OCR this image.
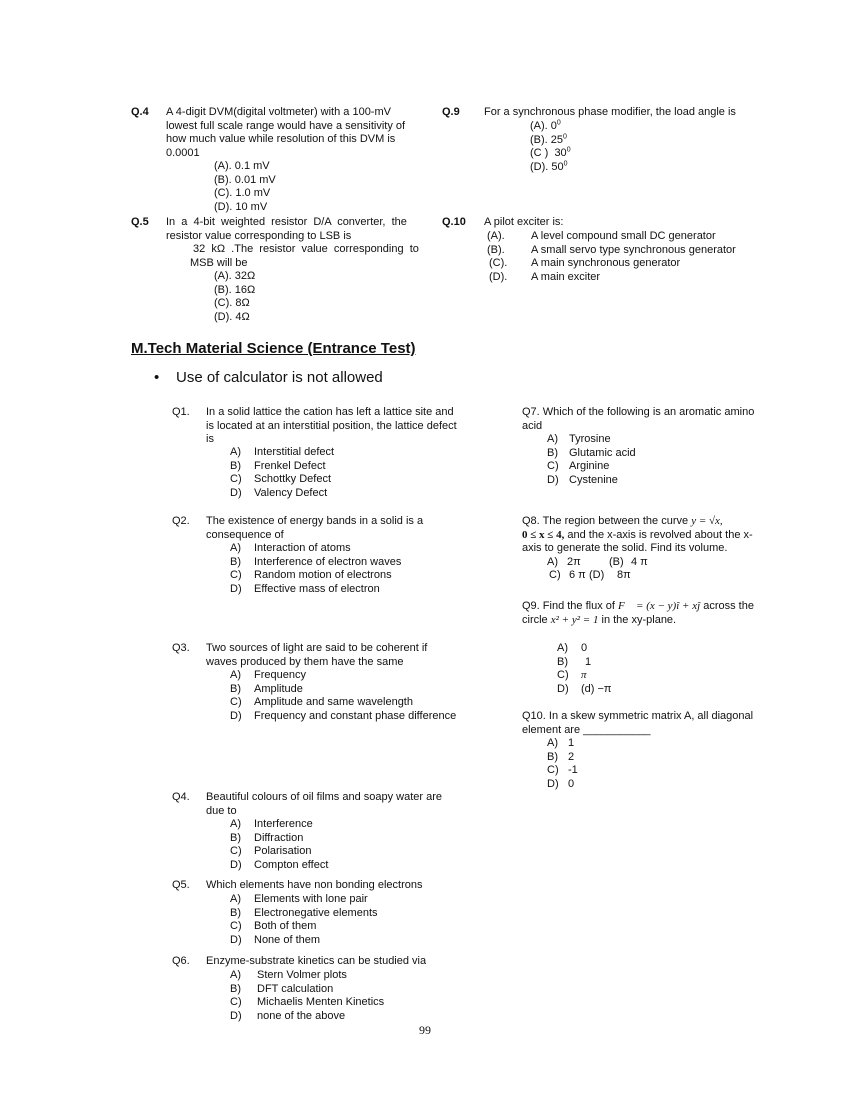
Q.4 A 4-digit DVM(digital voltmeter) with a 100-mV
lowest full scale range would have a sensitivity of
how much value while resolution of this DVM is
0.0001
(A). 0.1 mV
(B). 0.01 mV
(C). 1.0 mV
(D). 10 mV
Q.5 In  a  4-bit  weighted  resistor  D/A  converter,  the
resistor value corresponding to LSB is
32  kΩ  .The  resistor  value  corresponding  to
MSB will be
(A). 32Ω
(B). 16Ω
(C). 8Ω
(D). 4Ω
Q.9 For a synchronous phase modifier, the load angle is
(A). $0^0$
(B). $25^0$
(C )  $30^0$
(D). $50^0$
Q.10 A pilot exciter is:
(A). A level compound small DC generator
(B). A small servo type synchronous generator
(C). A main synchronous generator
(D). A main exciter
M.Tech Material Science (Entrance Test)
• Use of calculator is not allowed
Q1. In a solid lattice the cation has left a lattice site and
is located at an interstitial position, the lattice defect
is
A) Interstitial defect
B) Frenkel Defect
C) Schottky Defect
D) Valency Defect
Q2. The existence of energy bands in a solid is a
consequence of
A) Interaction of atoms
B) Interference of electron waves
C) Random motion of electrons
D) Effective mass of electron
Q3. Two sources of light are said to be coherent if
waves produced by them have the same
A) Frequency
B) Amplitude
C) Amplitude and same wavelength
D) Frequency and constant phase difference
Q4. Beautiful colours of oil films and soapy water are
due to
A) Interference
B) Diffraction
C) Polarisation
D) Compton effect
Q5. Which elements have non bonding electrons
A) Elements with lone pair
B) Electronegative elements
C) Both of them
D) None of them
Q6. Enzyme-substrate kinetics can be studied via
A) Stern Volmer plots
B) DFT calculation
C) Michaelis Menten Kinetics
D) none of the above
Q7. Which of the following is an aromatic amino
acid
A) Tyrosine
B) Glutamic acid
C) Arginine
D) Cystenine
Q8. The region between the curve y = √x,
0 ≤ x ≤ 4, and the x-axis is revolved about the x-
axis to generate the solid. Find its volume.
A) 2π	(B) 4 π
C) 6 π (D) 8π
Q9. Find the flux of F⃗ = (x − y)î + xĵ across the
circle x² + y² = 1 in the xy-plane.
A) 0
B) 1
C) π
D) (d) −π
Q10. In a skew symmetric matrix A, all diagonal
element are ___________
A) 1
B) 2
C) -1
D) 0
99
